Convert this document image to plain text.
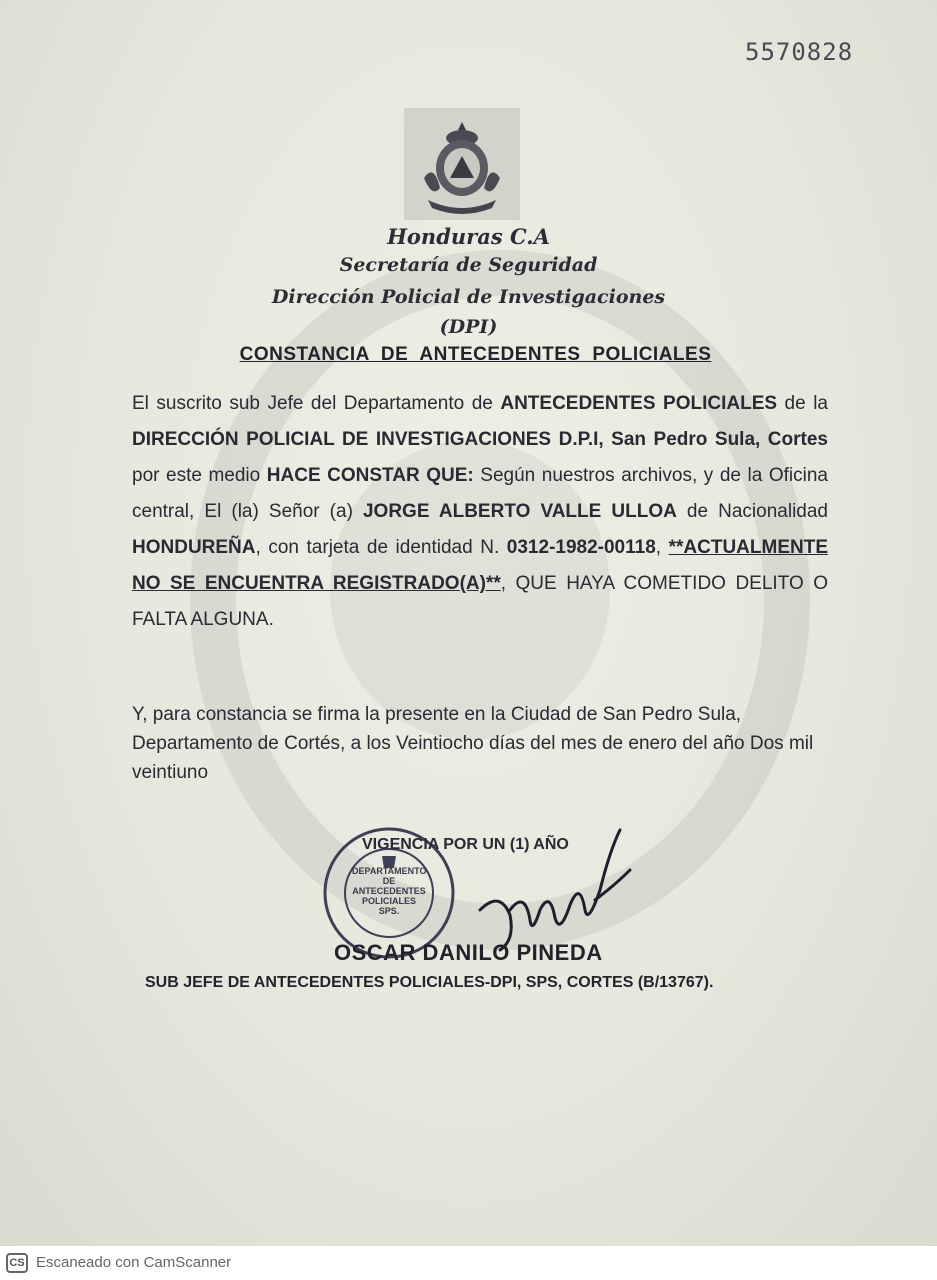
5570828
Honduras C.A
Secretaría de Seguridad
Dirección Policial de Investigaciones
(DPI)
CONSTANCIA DE ANTECEDENTES POLICIALES
El suscrito sub Jefe del Departamento de ANTECEDENTES POLICIALES de la DIRECCIÓN POLICIAL DE INVESTIGACIONES D.P.I, San Pedro Sula, Cortes por este medio HACE CONSTAR QUE: Según nuestros archivos, y de la Oficina central, El (la) Señor (a) JORGE ALBERTO VALLE ULLOA de Nacionalidad HONDUREÑA, con tarjeta de identidad N. 0312-1982-00118, **ACTUALMENTE NO SE ENCUENTRA REGISTRADO(A)**, QUE HAYA COMETIDO DELITO O FALTA ALGUNA.
Y, para constancia se firma la presente en la Ciudad de San Pedro Sula, Departamento de Cortés, a los Veintiocho días del mes de enero del año Dos mil veintiuno
DEPARTAMENTO DE
ANTECEDENTES
POLICIALES
SPS.
VIGENCIA POR UN (1) AÑO
OSCAR DANILO PINEDA
SUB JEFE DE ANTECEDENTES POLICIALES-DPI, SPS, CORTES (B/13767).
CS Escaneado con CamScanner
